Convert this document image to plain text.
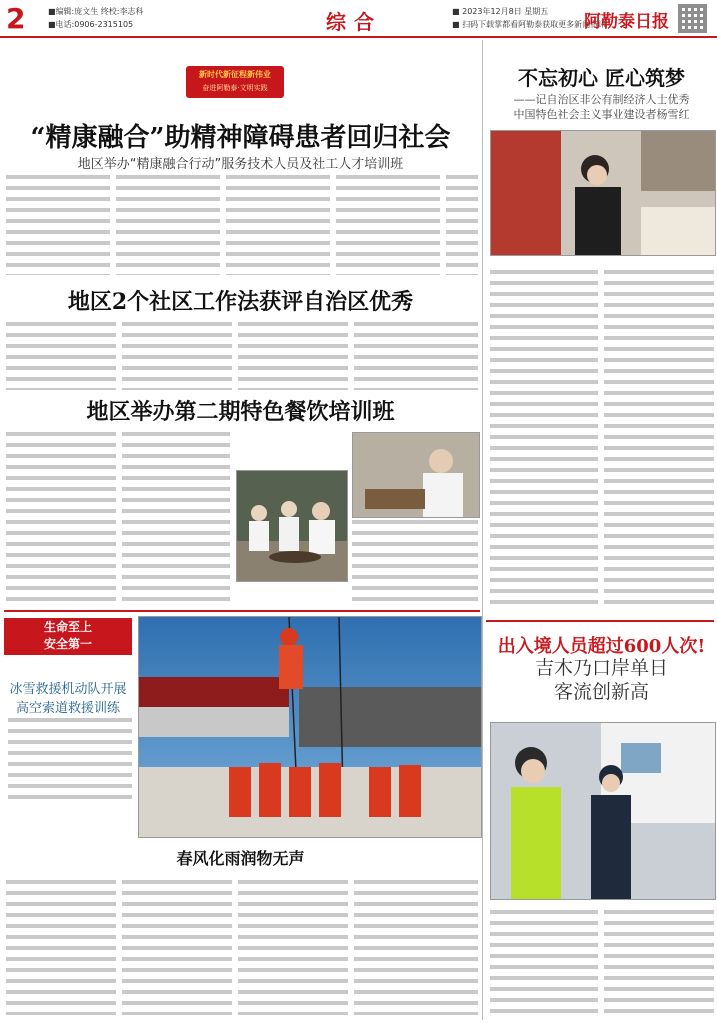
2	■编辑:庞文生 终校:李志科
■电话:0906-2315105	综合	■ 2023年12月8日 星期五
■ 扫码下载掌都看阿勒泰获取更多新闻资讯
阿勒泰日报
新时代新征程新伟业
奋进阿勒泰·文明实践
“精康融合”助精神障碍患者回归社会
地区举办“精康融合行动”服务技术人员及社工人才培训班
地区2个社区工作法获评自治区优秀
地区举办第二期特色餐饮培训班
生命至上
安全第一
冰雪救援机动队开展高空索道救援训练
春风化雨润物无声
不忘初心 匠心筑梦
——记自治区非公有制经济人士优秀
中国特色社会主义事业建设者杨雪红
出入境人员超过600人次!
吉木乃口岸单日
客流创新高
